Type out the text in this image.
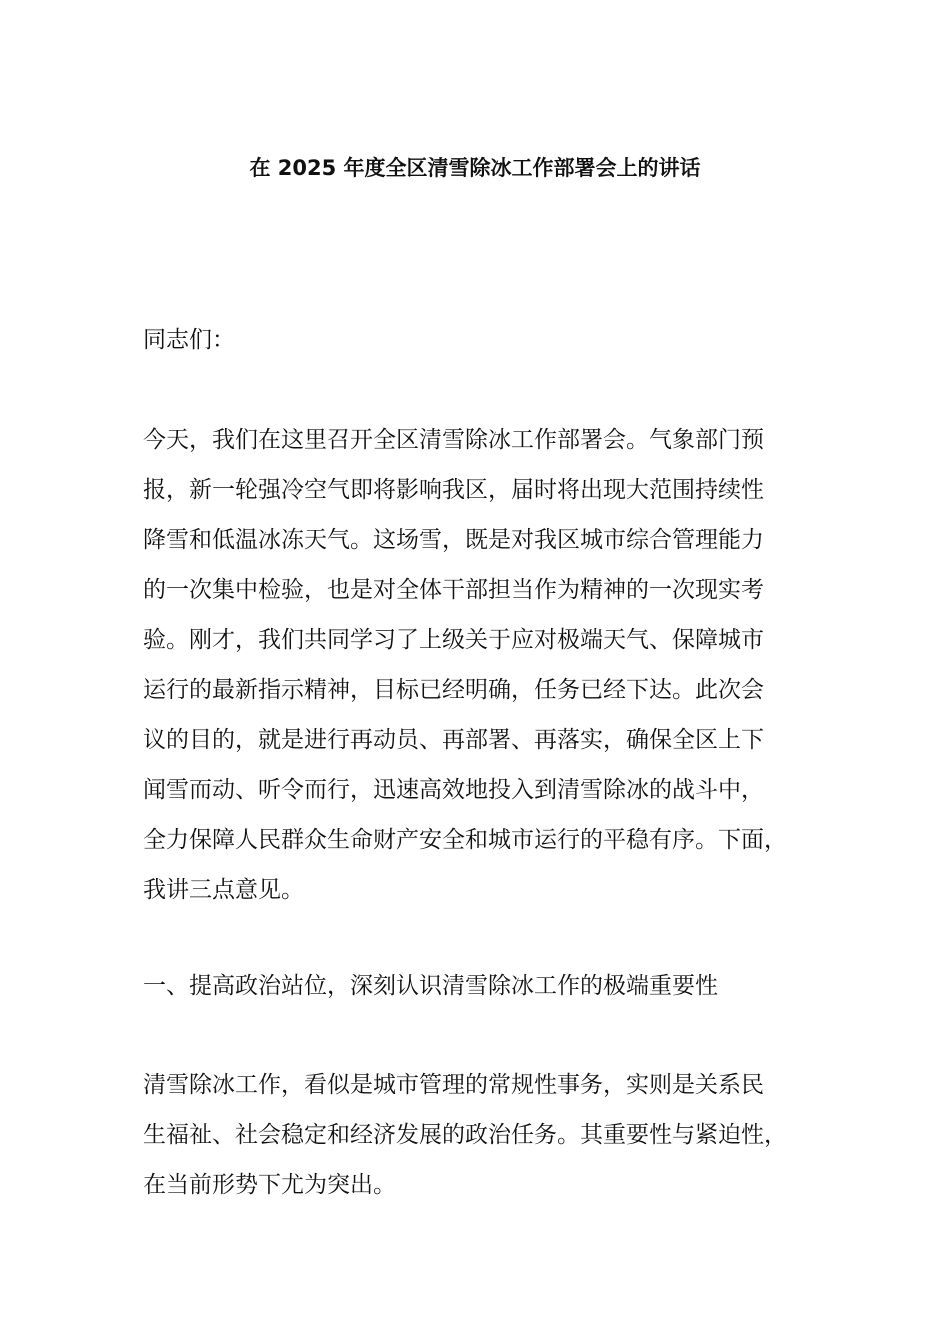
在 2025 年度全区清雪除冰工作部署会上的讲话
同志们：
今天，我们在这里召开全区清雪除冰工作部署会。气象部门预
报，新一轮强冷空气即将影响我区，届时将出现大范围持续性
降雪和低温冰冻天气。这场雪，既是对我区城市综合管理能力
的一次集中检验，也是对全体干部担当作为精神的一次现实考
验。刚才，我们共同学习了上级关于应对极端天气、保障城市
运行的最新指示精神，目标已经明确，任务已经下达。此次会
议的目的，就是进行再动员、再部署、再落实，确保全区上下
闻雪而动、听令而行，迅速高效地投入到清雪除冰的战斗中，
全力保障人民群众生命财产安全和城市运行的平稳有序。下面，
我讲三点意见。
一、提高政治站位，深刻认识清雪除冰工作的极端重要性
清雪除冰工作，看似是城市管理的常规性事务，实则是关系民
生福祉、社会稳定和经济发展的政治任务。其重要性与紧迫性，
在当前形势下尤为突出。
